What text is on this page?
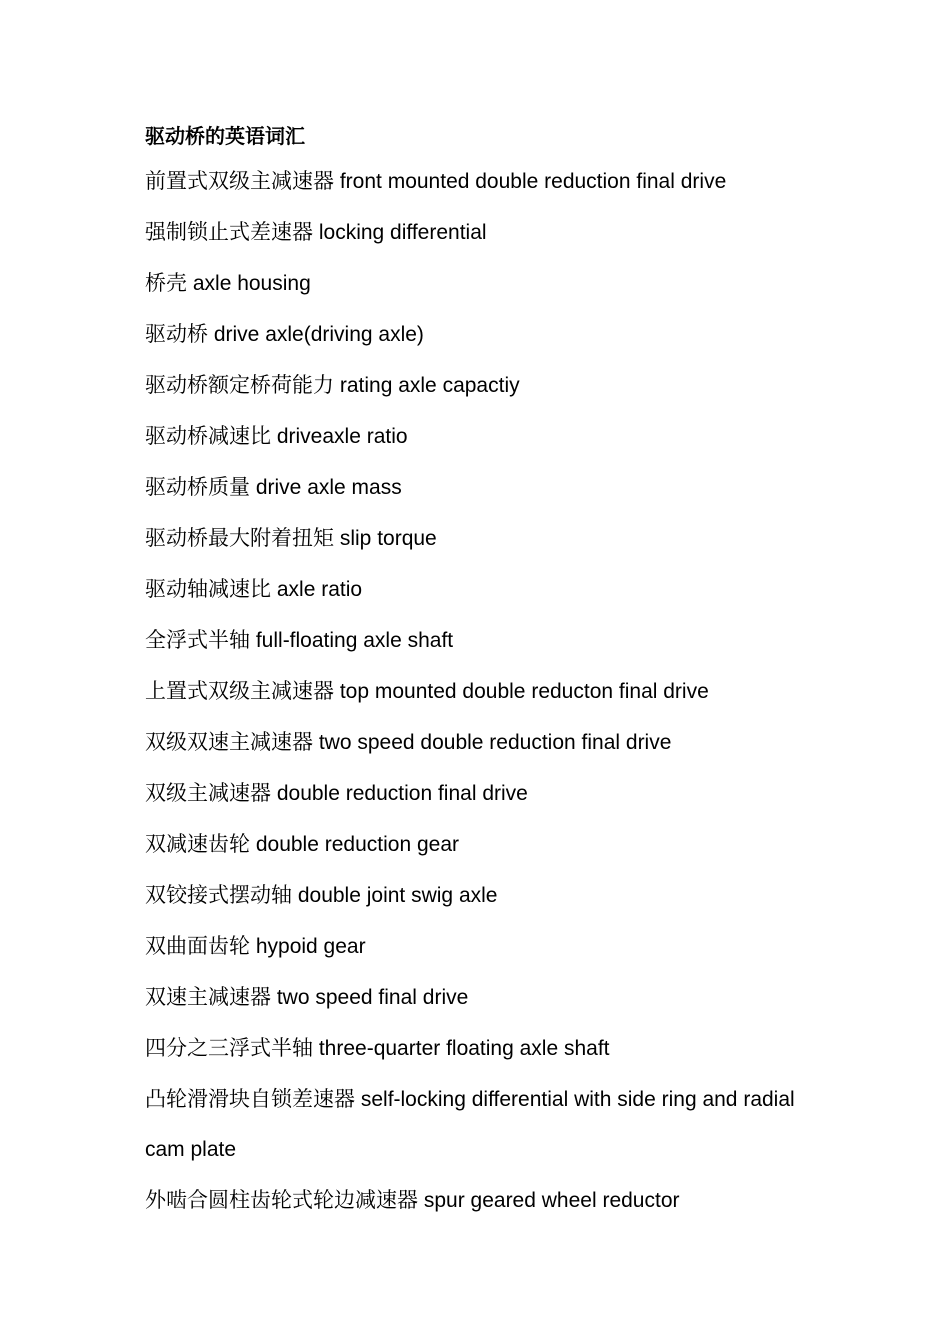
驱动桥的英语词汇

前置式双级主减速器 front mounted double reduction final drive

强制锁止式差速器 locking differential

桥壳 axle housing

驱动桥 drive axle(driving axle)

驱动桥额定桥荷能力 rating axle capactiy

驱动桥减速比 driveaxle ratio

驱动桥质量 drive axle mass

驱动桥最大附着扭矩 slip torque

驱动轴减速比 axle ratio

全浮式半轴 full-floating axle shaft

上置式双级主减速器 top mounted double reducton final drive

双级双速主减速器 two speed double reduction final drive

双级主减速器 double reduction final drive

双减速齿轮 double reduction gear

双铰接式摆动轴 double joint swig axle

双曲面齿轮 hypoid gear

双速主减速器 two speed final drive

四分之三浮式半轴 three-quarter floating axle shaft

凸轮滑滑块自锁差速器 self-locking differential with side ring and radial cam plate

外啮合圆柱齿轮式轮边减速器 spur geared wheel reductor
